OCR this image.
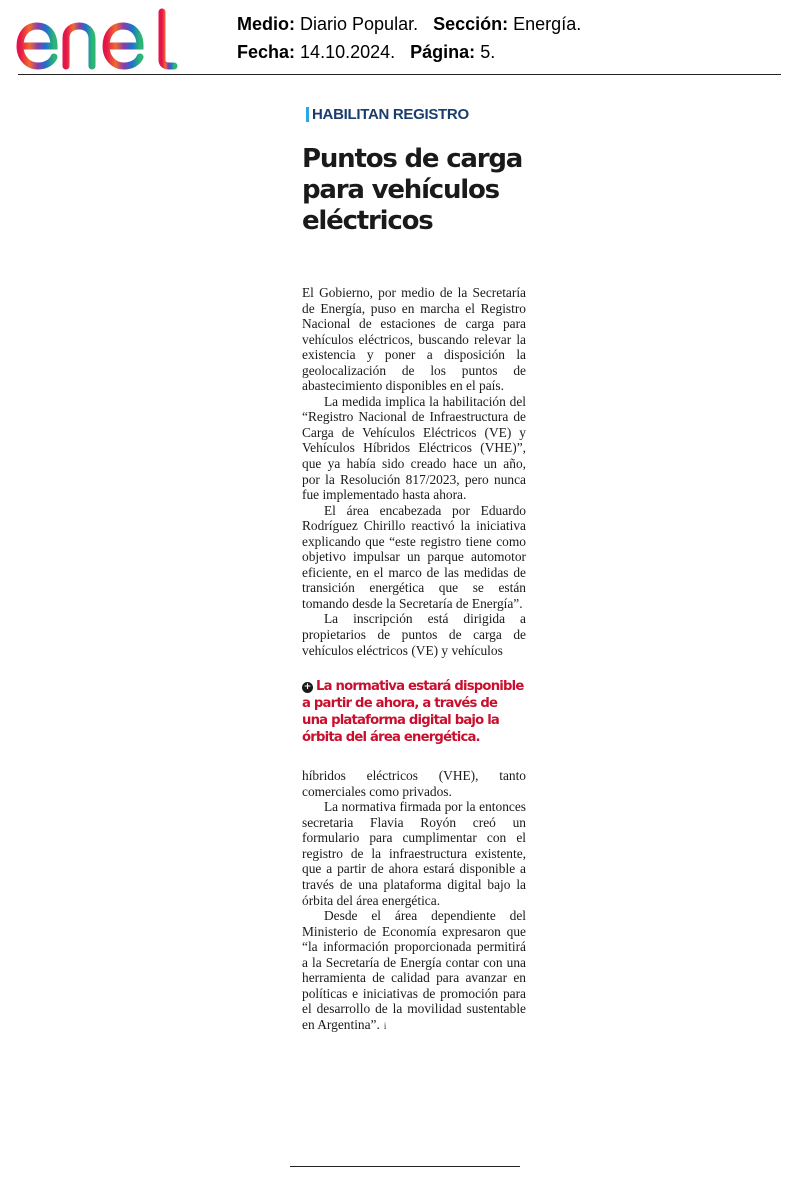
Medio: Diario Popular. Sección: Energía.
Fecha: 14.10.2024. Página: 5.
HABILITAN REGISTRO
Puntos de carga para vehículos eléctricos

El Gobierno, por medio de la Secretaría de Energía, puso en marcha el Registro Nacional de estaciones de carga para vehículos eléctricos, buscando relevar la existencia y poner a disposición la geolocalización de los puntos de abastecimiento disponibles en el país.

La medida implica la habilitación del “Registro Nacional de Infraestructura de Carga de Vehículos Eléctricos (VE) y Vehículos Híbridos Eléctricos (VHE)”, que ya había sido creado hace un año, por la Resolución 817/2023, pero nunca fue implementado hasta ahora.

El área encabezada por Eduardo Rodríguez Chirillo reactivó la iniciativa explicando que “este registro tiene como objetivo impulsar un parque automotor eficiente, en el marco de las medidas de transición energética que se están tomando desde la Secretaría de Energía”.

La inscripción está dirigida a propietarios de puntos de carga de vehículos eléctricos (VE) y vehículos

+ La normativa estará disponible a partir de ahora, a través de una plataforma digital bajo la órbita del área energética.

híbridos eléctricos (VHE), tanto comerciales como privados.

La normativa firmada por la entonces secretaria Flavia Royón creó un formulario para cumplimentar con el registro de la infraestructura existente, que a partir de ahora estará disponible a través de una plataforma digital bajo la órbita del área energética.

Desde el área dependiente del Ministerio de Economía expresaron que “la información proporcionada permitirá a la Secretaría de Energía contar con una herramienta de calidad para avanzar en políticas e iniciativas de promoción para el desarrollo de la movilidad sustentable en Argentina”. i
